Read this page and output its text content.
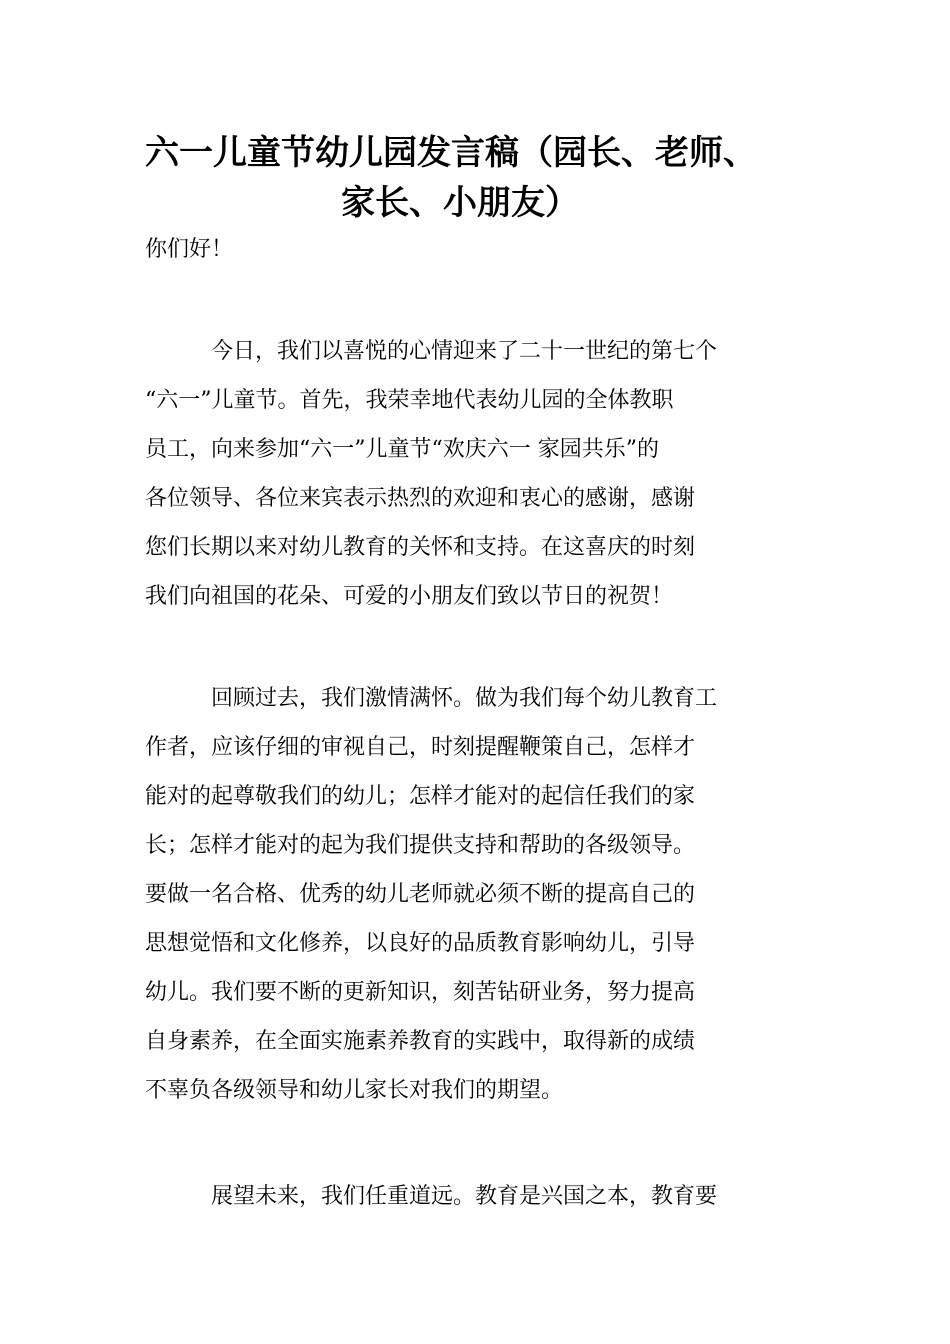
六一儿童节幼儿园发言稿（园长、老师、
家长、小朋友）
你们好！
今日，我们以喜悦的心情迎来了二十一世纪的第七个
“六一”儿童节。首先，我荣幸地代表幼儿园的全体教职
员工，向来参加“六一”儿童节“欢庆六一 家园共乐”的
各位领导、各位来宾表示热烈的欢迎和衷心的感谢，感谢
您们长期以来对幼儿教育的关怀和支持。在这喜庆的时刻
我们向祖国的花朵、可爱的小朋友们致以节日的祝贺！
回顾过去，我们激情满怀。做为我们每个幼儿教育工
作者，应该仔细的审视自己，时刻提醒鞭策自己，怎样才
能对的起尊敬我们的幼儿；怎样才能对的起信任我们的家
长；怎样才能对的起为我们提供支持和帮助的各级领导。
要做一名合格、优秀的幼儿老师就必须不断的提高自己的
思想觉悟和文化修养，以良好的品质教育影响幼儿，引导
幼儿。我们要不断的更新知识，刻苦钻研业务，努力提高
自身素养，在全面实施素养教育的实践中，取得新的成绩
不辜负各级领导和幼儿家长对我们的期望。
展望未来，我们任重道远。教育是兴国之本，教育要
